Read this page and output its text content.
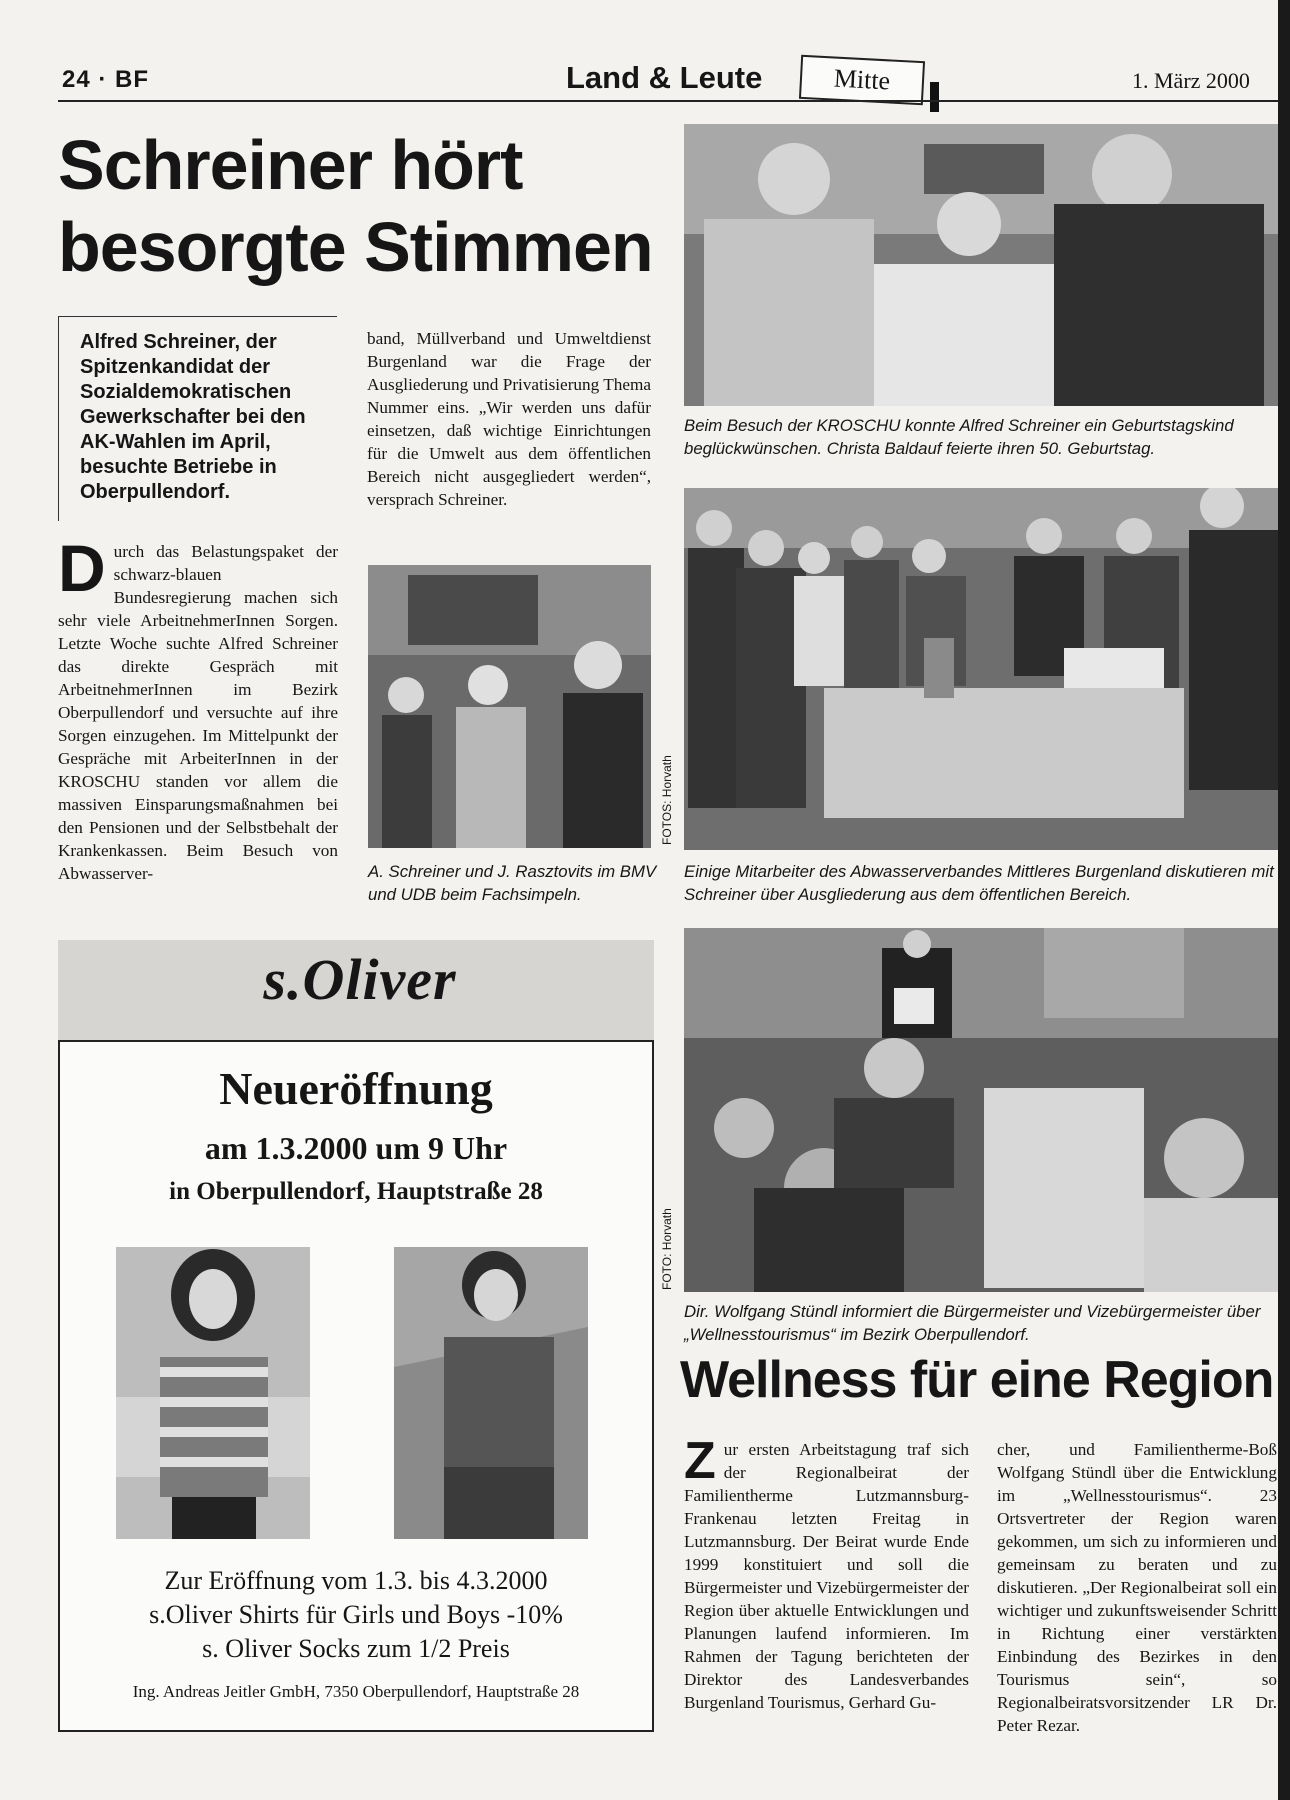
24 · BF	Land & Leute	Mitte	1. März 2000
Schreiner hört
besorgte Stimmen
Alfred Schreiner, der Spitzenkandidat der Sozialdemokratischen Gewerkschafter bei den AK-Wahlen im April, besuchte Betriebe in Oberpullendorf.
D urch das Belastungspaket der schwarz-blauen Bundesregierung machen sich sehr viele ArbeitnehmerInnen Sorgen. Letzte Woche suchte Alfred Schreiner das direkte Gespräch mit ArbeitnehmerInnen im Bezirk Oberpullendorf und versuchte auf ihre Sorgen einzugehen. Im Mittelpunkt der Gespräche mit ArbeiterInnen in der KROSCHU standen vor allem die massiven Einsparungsmaßnahmen bei den Pensionen und der Selbstbehalt der Krankenkassen. Beim Besuch von Abwasserver-

band, Müllverband und Umweltdienst Burgenland war die Frage der Ausgliederung und Privatisierung Thema Nummer eins. „Wir werden uns dafür einsetzen, daß wichtige Einrichtungen für die Umwelt aus dem öffentlichen Bereich nicht ausgegliedert werden“, versprach Schreiner.

FOTOS: Horvath
A. Schreiner und J. Rasztovits im BMV und UDB beim Fachsimpeln.
Beim Besuch der KROSCHU konnte Alfred Schreiner ein Geburtstagskind beglückwünschen. Christa Baldauf feierte ihren 50. Geburtstag.
Einige Mitarbeiter des Abwasserverbandes Mittleres Burgenland diskutieren mit Schreiner über Ausgliederung aus dem öffentlichen Bereich.
s.Oliver
Neueröffnung
am 1.3.2000 um 9 Uhr
in Oberpullendorf, Hauptstraße 28
Zur Eröffnung vom 1.3. bis 4.3.2000
s.Oliver Shirts für Girls und Boys -10%
s. Oliver Socks zum 1/2 Preis
Ing. Andreas Jeitler GmbH, 7350 Oberpullendorf, Hauptstraße 28
FOTO: Horvath
Dir. Wolfgang Stündl informiert die Bürgermeister und Vizebürgermeister über „Wellnesstourismus“ im Bezirk Oberpullendorf.
Wellness für eine Region
Z ur ersten Arbeitstagung traf sich der Regionalbeirat der Familientherme Lutzmannsburg-Frankenau letzten Freitag in Lutzmannsburg. Der Beirat wurde Ende 1999 konstituiert und soll die Bürgermeister und Vizebürgermeister der Region über aktuelle Entwicklungen und Planungen laufend informieren. Im Rahmen der Tagung berichteten der Direktor des Landesverbandes Burgenland Tourismus, Gerhard Gu-

cher, und Familientherme-Boß Wolfgang Stündl über die Entwicklung im „Wellnesstourismus“. 23 Ortsvertreter der Region waren gekommen, um sich zu informieren und gemeinsam zu beraten und zu diskutieren. „Der Regionalbeirat soll ein wichtiger und zukunftsweisender Schritt in Richtung einer verstärkten Einbindung des Bezirkes in den Tourismus sein“, so Regionalbeiratsvorsitzender LR Dr. Peter Rezar.
